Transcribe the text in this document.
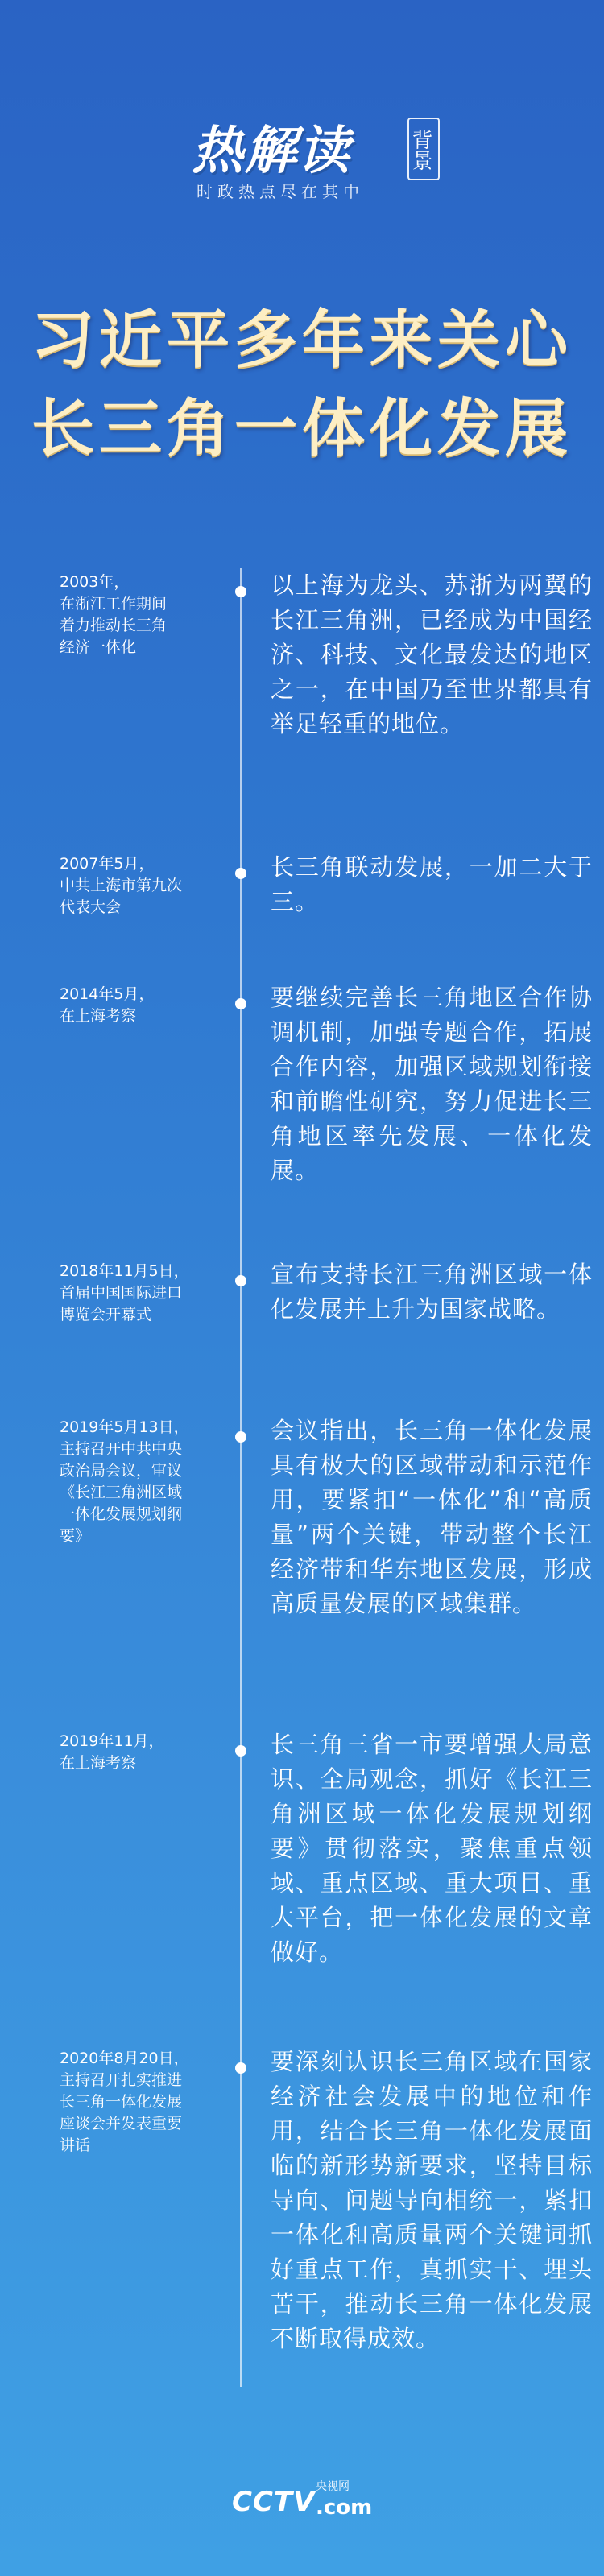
热解读	背景
时政热点尽在其中
习近平多年来关心
长三角一体化发展
2003年，
在浙江工作期间
着力推动长三角
经济一体化
以上海为龙头、苏浙为两翼的长江三角洲，已经成为中国经济、科技、文化最发达的地区之一，在中国乃至世界都具有举足轻重的地位。
2007年5月，
中共上海市第九次
代表大会
长三角联动发展，一加二大于三。
2014年5月，
在上海考察
要继续完善长三角地区合作协调机制，加强专题合作，拓展合作内容，加强区域规划衔接和前瞻性研究，努力促进长三角地区率先发展、一体化发展。
2018年11月5日，
首届中国国际进口
博览会开幕式
宣布支持长江三角洲区域一体化发展并上升为国家战略。
2019年5月13日，
主持召开中共中央
政治局会议，审议
《长江三角洲区域
一体化发展规划纲
要》
会议指出，长三角一体化发展具有极大的区域带动和示范作用，要紧扣“一体化”和“高质量”两个关键，带动整个长江经济带和华东地区发展，形成高质量发展的区域集群。
2019年11月，
在上海考察
长三角三省一市要增强大局意识、全局观念，抓好《长江三角洲区域一体化发展规划纲要》贯彻落实，聚焦重点领域、重点区域、重大项目、重大平台，把一体化发展的文章做好。
2020年8月20日，
主持召开扎实推进
长三角一体化发展
座谈会并发表重要
讲话
要深刻认识长三角区域在国家经济社会发展中的地位和作用，结合长三角一体化发展面临的新形势新要求，坚持目标导向、问题导向相统一，紧扣一体化和高质量两个关键词抓好重点工作，真抓实干、埋头苦干，推动长三角一体化发展不断取得成效。
CCTV 央视网
.com
